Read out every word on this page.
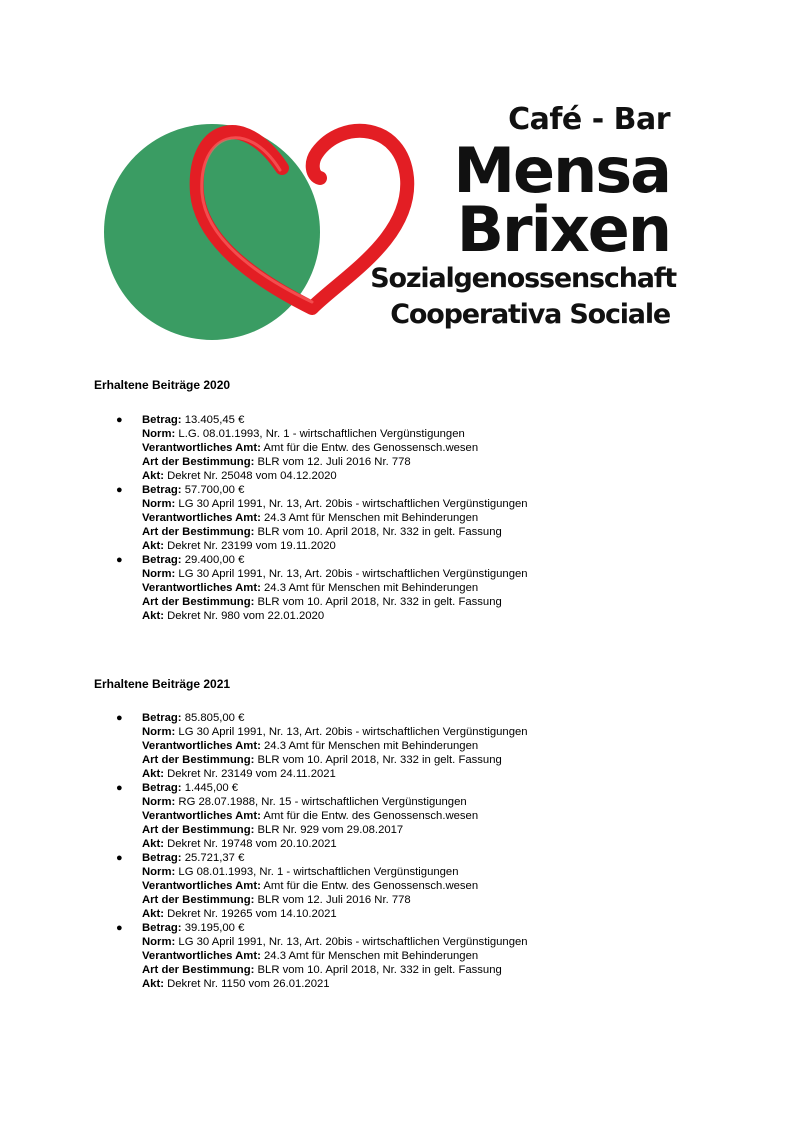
Café - Bar
Mensa
Brixen
Sozialgenossenschaft
Cooperativa Sociale
Erhaltene Beiträge 2020
● Betrag: 13.405,45 €
Norm: L.G. 08.01.1993, Nr. 1 - wirtschaftlichen Vergünstigungen
Verantwortliches Amt: Amt für die Entw. des Genossensch.wesen
Art der Bestimmung: BLR vom 12. Juli 2016 Nr. 778
Akt: Dekret Nr. 25048 vom 04.12.2020
● Betrag: 57.700,00 €
Norm: LG 30 April 1991, Nr. 13, Art. 20bis - wirtschaftlichen Vergünstigungen
Verantwortliches Amt: 24.3 Amt für Menschen mit Behinderungen
Art der Bestimmung: BLR vom 10. April 2018, Nr. 332 in gelt. Fassung
Akt: Dekret Nr. 23199 vom 19.11.2020
● Betrag: 29.400,00 €
Norm: LG 30 April 1991, Nr. 13, Art. 20bis - wirtschaftlichen Vergünstigungen
Verantwortliches Amt: 24.3 Amt für Menschen mit Behinderungen
Art der Bestimmung: BLR vom 10. April 2018, Nr. 332 in gelt. Fassung
Akt: Dekret Nr. 980 vom 22.01.2020
Erhaltene Beiträge 2021
● Betrag: 85.805,00 €
Norm: LG 30 April 1991, Nr. 13, Art. 20bis - wirtschaftlichen Vergünstigungen
Verantwortliches Amt: 24.3 Amt für Menschen mit Behinderungen
Art der Bestimmung: BLR vom 10. April 2018, Nr. 332 in gelt. Fassung
Akt: Dekret Nr. 23149 vom 24.11.2021
● Betrag: 1.445,00 €
Norm: RG 28.07.1988, Nr. 15 - wirtschaftlichen Vergünstigungen
Verantwortliches Amt: Amt für die Entw. des Genossensch.wesen
Art der Bestimmung: BLR Nr. 929 vom 29.08.2017
Akt: Dekret Nr. 19748 vom 20.10.2021
● Betrag: 25.721,37 €
Norm: LG 08.01.1993, Nr. 1 - wirtschaftlichen Vergünstigungen
Verantwortliches Amt: Amt für die Entw. des Genossensch.wesen
Art der Bestimmung: BLR vom 12. Juli 2016 Nr. 778
Akt: Dekret Nr. 19265 vom 14.10.2021
● Betrag: 39.195,00 €
Norm: LG 30 April 1991, Nr. 13, Art. 20bis - wirtschaftlichen Vergünstigungen
Verantwortliches Amt: 24.3 Amt für Menschen mit Behinderungen
Art der Bestimmung: BLR vom 10. April 2018, Nr. 332 in gelt. Fassung
Akt: Dekret Nr. 1150 vom 26.01.2021
